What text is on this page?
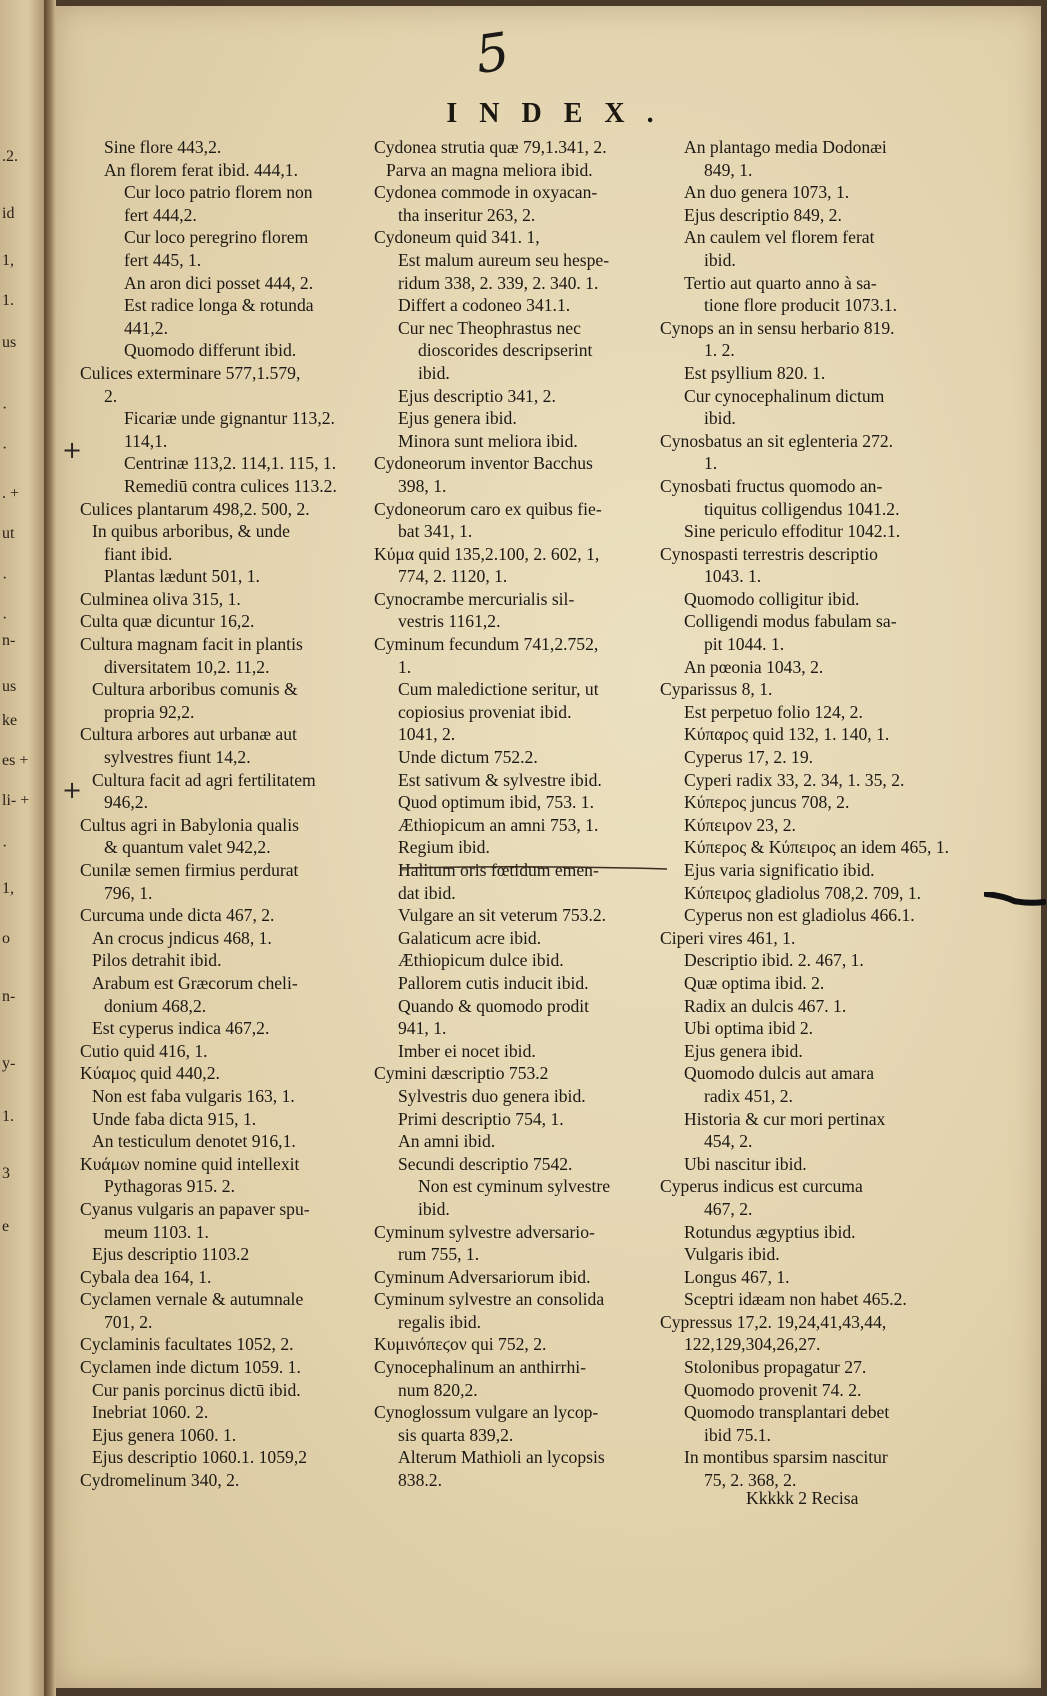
.2.
id
1,
1.
us
·
·
. +
ut
·
·
n-
us
ke
es +
li- +
·
1,
o
n-
y-
1.
3
e
5
INDEX.
Sine flore 443,2.
An florem ferat ibid. 444,1.
Cur loco patrio florem non
fert 444,2.
Cur loco peregrino florem
fert 445, 1.
An aron dici posset 444, 2.
Est radice longa & rotunda
441,2.
Quomodo differunt ibid.
Culices exterminare 577,1.579,
2.
Ficariæ unde gignantur 113,2.
114,1.
Centrinæ 113,2. 114,1. 115, 1.
Remediū contra culices 113.2.
Culices plantarum 498,2. 500, 2.
In quibus arboribus, & unde
fiant ibid.
Plantas lædunt 501, 1.
Culminea oliva 315, 1.
Culta quæ dicuntur 16,2.
Cultura magnam facit in plantis
diversitatem 10,2. 11,2.
Cultura arboribus comunis &
propria 92,2.
Cultura arbores aut urbanæ aut
sylvestres fiunt 14,2.
Cultura facit ad agri fertilitatem
946,2.
Cultus agri in Babylonia qualis
& quantum valet 942,2.
Cunilæ semen firmius perdurat
796, 1.
Curcuma unde dicta 467, 2.
An crocus jndicus 468, 1.
Pilos detrahit ibid.
Arabum est Græcorum cheli-
donium 468,2.
Est cyperus indica 467,2.
Cutio quid 416, 1.
Κύαμος quid 440,2.
Non est faba vulgaris 163, 1.
Unde faba dicta 915, 1.
An testiculum denotet 916,1.
Κυάμων nomine quid intellexit
Pythagoras 915. 2.
Cyanus vulgaris an papaver spu-
meum 1103. 1.
Ejus descriptio 1103.2
Cybala dea 164, 1.
Cyclamen vernale & autumnale
701, 2.
Cyclaminis facultates 1052, 2.
Cyclamen inde dictum 1059. 1.
Cur panis porcinus dictū ibid.
Inebriat 1060. 2.
Ejus genera 1060. 1.
Ejus descriptio 1060.1. 1059,2
Cydromelinum 340, 2.
Cydonea strutia quæ 79,1.341, 2.
Parva an magna meliora ibid.
Cydonea commode in oxyacan-
tha inseritur 263, 2.
Cydoneum quid 341. 1,
Est malum aureum seu hespe-
ridum 338, 2. 339, 2. 340. 1.
Differt a codoneo 341.1.
Cur nec Theophrastus nec
dioscorides descripserint
ibid.
Ejus descriptio 341, 2.
Ejus genera ibid.
Minora sunt meliora ibid.
Cydoneorum inventor Bacchus
398, 1.
Cydoneorum caro ex quibus fie-
bat 341, 1.
Κύμα quid 135,2.100, 2. 602, 1,
774, 2. 1120, 1.
Cynocrambe mercurialis sil-
vestris 1161,2.
Cyminum fecundum 741,2.752,
1.
Cum maledictione seritur, ut
copiosius proveniat ibid.
1041, 2.
Unde dictum 752.2.
Est sativum & sylvestre ibid.
Quod optimum ibid, 753. 1.
Æthiopicum an amni 753, 1.
Regium ibid.
Halitum oris fœtidum emen-
dat ibid.
Vulgare an sit veterum 753.2.
Galaticum acre ibid.
Æthiopicum dulce ibid.
Pallorem cutis inducit ibid.
Quando & quomodo prodit
941, 1.
Imber ei nocet ibid.
Cymini dæscriptio 753.2
Sylvestris duo genera ibid.
Primi descriptio 754, 1.
An amni ibid.
Secundi descriptio 7542.
Non est cyminum sylvestre
ibid.
Cyminum sylvestre adversario-
rum 755, 1.
Cyminum Adversariorum ibid.
Cyminum sylvestre an consolida
regalis ibid.
Κυμινόπεϛον qui 752, 2.
Cynocephalinum an anthirrhi-
num 820,2.
Cynoglossum vulgare an lycop-
sis quarta 839,2.
Alterum Mathioli an lycopsis
838.2.
An plantago media Dodonæi
849, 1.
An duo genera 1073, 1.
Ejus descriptio 849, 2.
An caulem vel florem ferat
ibid.
Tertio aut quarto anno à sa-
tione flore producit 1073.1.
Cynops an in sensu herbario 819.
1. 2.
Est psyllium 820. 1.
Cur cynocephalinum dictum
ibid.
Cynosbatus an sit eglenteria 272.
1.
Cynosbati fructus quomodo an-
tiquitus colligendus 1041.2.
Sine periculo effoditur 1042.1.
Cynospasti terrestris descriptio
1043. 1.
Quomodo colligitur ibid.
Colligendi modus fabulam sa-
pit 1044. 1.
An pœonia 1043, 2.
Cyparissus 8, 1.
Est perpetuo folio 124, 2.
Κύπαρος quid 132, 1. 140, 1.
Cyperus 17, 2. 19.
Cyperi radix 33, 2. 34, 1. 35, 2.
Κύπερος juncus 708, 2.
Κύπειρον 23, 2.
Κύπερος & Κύπειρος an idem 465, 1.
Ejus varia significatio ibid.
Κύπειρος gladiolus 708,2. 709, 1.
Cyperus non est gladiolus 466.1.
Ciperi vires 461, 1.
Descriptio ibid. 2. 467, 1.
Quæ optima ibid. 2.
Radix an dulcis 467. 1.
Ubi optima ibid 2.
Ejus genera ibid.
Quomodo dulcis aut amara
radix 451, 2.
Historia & cur mori pertinax
454, 2.
Ubi nascitur ibid.
Cyperus indicus est curcuma
467, 2.
Rotundus ægyptius ibid.
Vulgaris ibid.
Longus 467, 1.
Sceptri idæam non habet 465.2.
Cypressus 17,2. 19,24,41,43,44,
122,129,304,26,27.
Stolonibus propagatur 27.
Quomodo provenit 74. 2.
Quomodo transplantari debet
ibid 75.1.
In montibus sparsim nascitur
75, 2. 368, 2.
Kkkkk 2 Recisa
+
+
